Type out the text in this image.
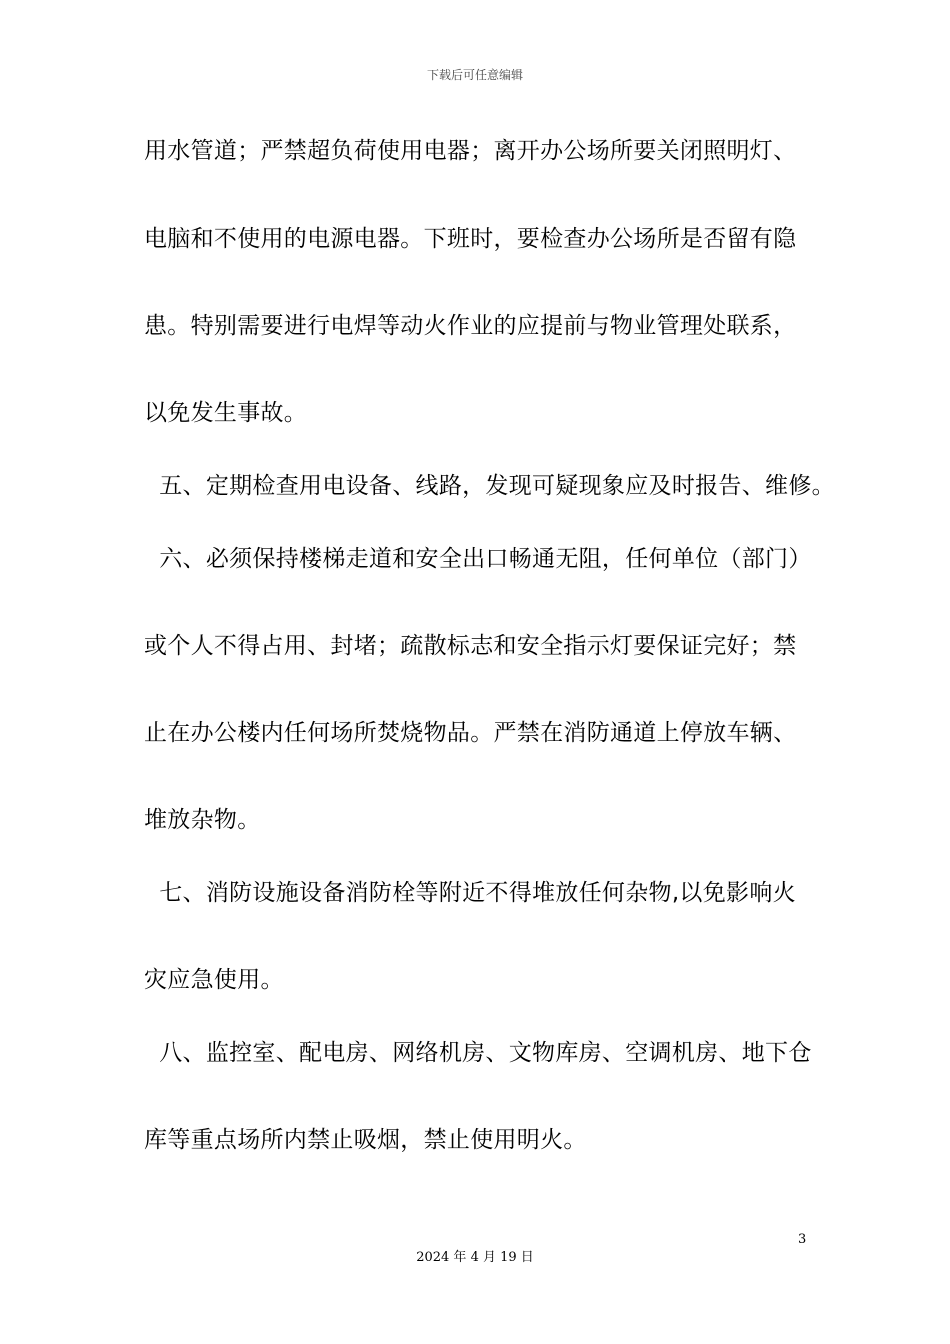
下载后可任意编辑
用水管道；严禁超负荷使用电器；离开办公场所要关闭照明灯、
电脑和不使用的电源电器。下班时，要检查办公场所是否留有隐
患。特别需要进行电焊等动火作业的应提前与物业管理处联系，
以免发生事故。
五、定期检查用电设备、线路，发现可疑现象应及时报告、维修。
六、必须保持楼梯走道和安全出口畅通无阻，任何单位（部门）
或个人不得占用、封堵；疏散标志和安全指示灯要保证完好；禁
止在办公楼内任何场所焚烧物品。严禁在消防通道上停放车辆、
堆放杂物。
七、消防设施设备消防栓等附近不得堆放任何杂物,以免影响火
灾应急使用。
八、监控室、配电房、网络机房、文物库房、空调机房、地下仓
库等重点场所内禁止吸烟，禁止使用明火。
3
2024 年 4 月 19 日
